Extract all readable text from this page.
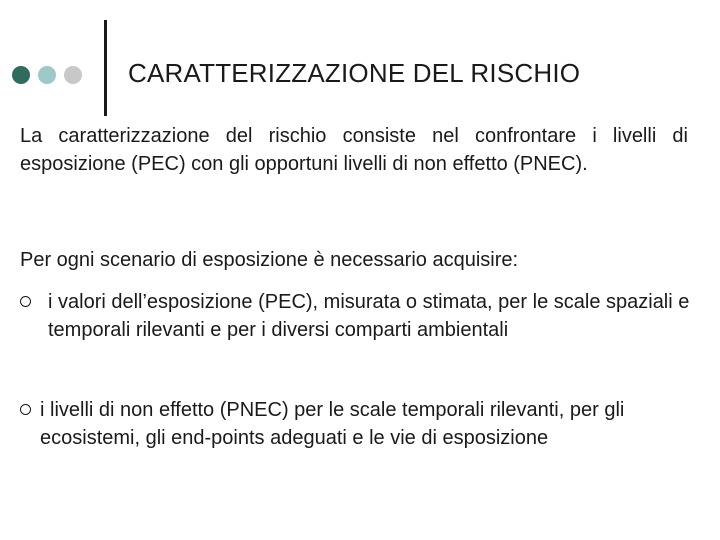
CARATTERIZZAZIONE DEL RISCHIO

La caratterizzazione del rischio consiste nel confrontare i livelli di esposizione (PEC) con gli opportuni livelli di non effetto (PNEC).

Per ogni scenario di esposizione è necessario acquisire:

i valori dell’esposizione (PEC), misurata o stimata, per le scale spaziali e temporali rilevanti e per i diversi comparti ambientali
i livelli di non effetto (PNEC) per le scale temporali rilevanti, per gli ecosistemi, gli end-points adeguati e le vie di esposizione
